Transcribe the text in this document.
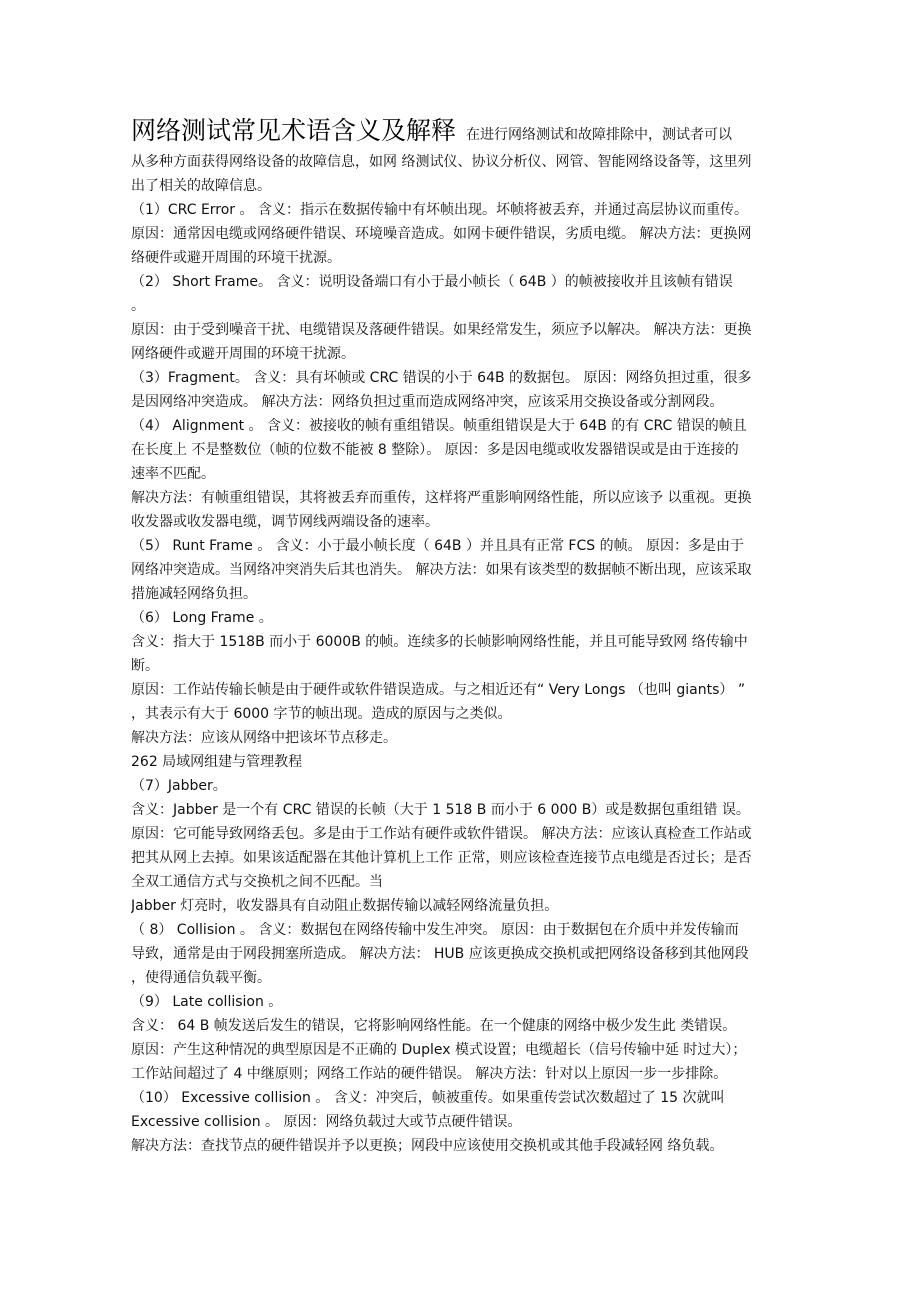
网络测试常见术语含义及解释 在进行网络测试和故障排除中，测试者可以
从多种方面获得网络设备的故障信息，如网 络测试仪、协议分析仪、网管、智能网络设备等，这里列
出了相关的故障信息。
（1）CRC Error 。 含义：指示在数据传输中有坏帧出现。坏帧将被丢弃，并通过高层协议而重传。
原因：通常因电缆或网络硬件错误、环境噪音造成。如网卡硬件错误，劣质电缆。 解决方法：更换网
络硬件或避开周围的环境干扰源。
（2） Short Frame。 含义：说明设备端口有小于最小帧长（ 64B ）的帧被接收并且该帧有错误
。
原因：由于受到噪音干扰、电缆错误及落硬件错误。如果经常发生，须应予以解决。 解决方法：更换
网络硬件或避开周围的环境干扰源。
（3）Fragment。 含义：具有坏帧或 CRC 错误的小于 64B 的数据包。 原因：网络负担过重，很多
是因网络冲突造成。 解决方法：网络负担过重而造成网络冲突，应该采用交换设备或分割网段。
（4） Alignment 。 含义：被接收的帧有重组错误。帧重组错误是大于 64B 的有 CRC 错误的帧且
在长度上 不是整数位（帧的位数不能被 8 整除）。 原因：多是因电缆或收发器错误或是由于连接的
速率不匹配。
解决方法：有帧重组错误，其将被丢弃而重传，这样将严重影响网络性能，所以应该予 以重视。更换
收发器或收发器电缆，调节网线两端设备的速率。
（5） Runt Frame 。 含义：小于最小帧长度（ 64B ）并且具有正常 FCS 的帧。 原因：多是由于
网络冲突造成。当网络冲突消失后其也消失。 解决方法：如果有该类型的数据帧不断出现，应该采取
措施减轻网络负担。
（6） Long Frame 。
含义：指大于 1518B 而小于 6000B 的帧。连续多的长帧影响网络性能，并且可能导致网 络传输中
断。
原因：工作站传输长帧是由于硬件或软件错误造成。与之相近还有“ Very Longs （也叫 giants） ”
，其表示有大于 6000 字节的帧出现。造成的原因与之类似。
解决方法：应该从网络中把该坏节点移走。
262 局域网组建与管理教程
（7）Jabber。
含义：Jabber 是一个有 CRC 错误的长帧（大于 1 518 B 而小于 6 000 B）或是数据包重组错 误。
原因：它可能导致网络丢包。多是由于工作站有硬件或软件错误。 解决方法：应该认真检查工作站或
把其从网上去掉。如果该适配器在其他计算机上工作 正常，则应该检查连接节点电缆是否过长；是否
全双工通信方式与交换机之间不匹配。当
Jabber 灯亮时，收发器具有自动阻止数据传输以减轻网络流量负担。
（ 8） Collision 。 含义：数据包在网络传输中发生冲突。 原因：由于数据包在介质中并发传输而
导致，通常是由于网段拥塞所造成。 解决方法： HUB 应该更换成交换机或把网络设备移到其他网段
，使得通信负载平衡。
（9） Late collision 。
含义： 64 B 帧发送后发生的错误，它将影响网络性能。在一个健康的网络中极少发生此 类错误。
原因：产生这种情况的典型原因是不正确的 Duplex 模式设置；电缆超长（信号传输中延 时过大）；
工作站间超过了 4 中继原则；网络工作站的硬件错误。 解决方法：针对以上原因一步一步排除。
（10） Excessive collision 。 含义：冲突后，帧被重传。如果重传尝试次数超过了 15 次就叫
Excessive collision 。 原因：网络负载过大或节点硬件错误。
解决方法：查找节点的硬件错误并予以更换；网段中应该使用交换机或其他手段减轻网 络负载。
